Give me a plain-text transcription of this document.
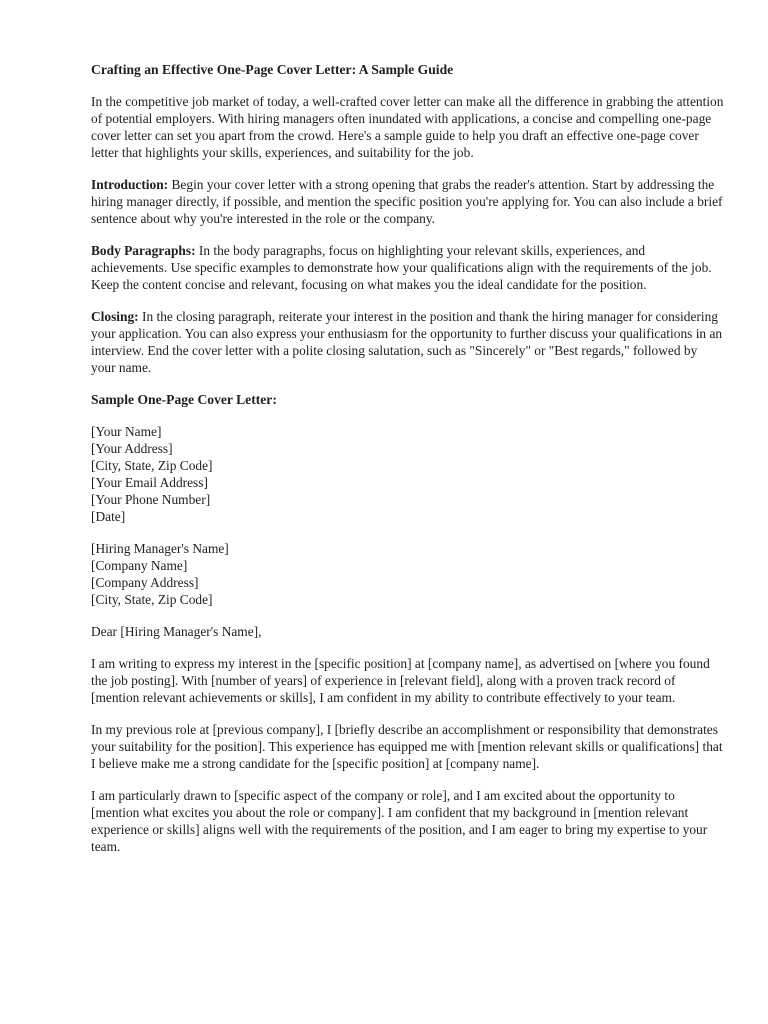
Crafting an Effective One-Page Cover Letter: A Sample Guide

In the competitive job market of today, a well-crafted cover letter can make all the difference in grabbing the attention of potential employers. With hiring managers often inundated with applications, a concise and compelling one-page cover letter can set you apart from the crowd. Here's a sample guide to help you draft an effective one-page cover letter that highlights your skills, experiences, and suitability for the job.

Introduction: Begin your cover letter with a strong opening that grabs the reader's attention. Start by addressing the hiring manager directly, if possible, and mention the specific position you're applying for. You can also include a brief sentence about why you're interested in the role or the company.

Body Paragraphs: In the body paragraphs, focus on highlighting your relevant skills, experiences, and achievements. Use specific examples to demonstrate how your qualifications align with the requirements of the job. Keep the content concise and relevant, focusing on what makes you the ideal candidate for the position.

Closing: In the closing paragraph, reiterate your interest in the position and thank the hiring manager for considering your application. You can also express your enthusiasm for the opportunity to further discuss your qualifications in an interview. End the cover letter with a polite closing salutation, such as "Sincerely" or "Best regards," followed by your name.

Sample One-Page Cover Letter:
[Your Name]
[Your Address]
[City, State, Zip Code]
[Your Email Address]
[Your Phone Number]
[Date]
[Hiring Manager's Name]
[Company Name]
[Company Address]
[City, State, Zip Code]

Dear [Hiring Manager's Name],

I am writing to express my interest in the [specific position] at [company name], as advertised on [where you found the job posting]. With [number of years] of experience in [relevant field], along with a proven track record of [mention relevant achievements or skills], I am confident in my ability to contribute effectively to your team.

In my previous role at [previous company], I [briefly describe an accomplishment or responsibility that demonstrates your suitability for the position]. This experience has equipped me with [mention relevant skills or qualifications] that I believe make me a strong candidate for the [specific position] at [company name].

I am particularly drawn to [specific aspect of the company or role], and I am excited about the opportunity to [mention what excites you about the role or company]. I am confident that my background in [mention relevant experience or skills] aligns well with the requirements of the position, and I am eager to bring my expertise to your team.
